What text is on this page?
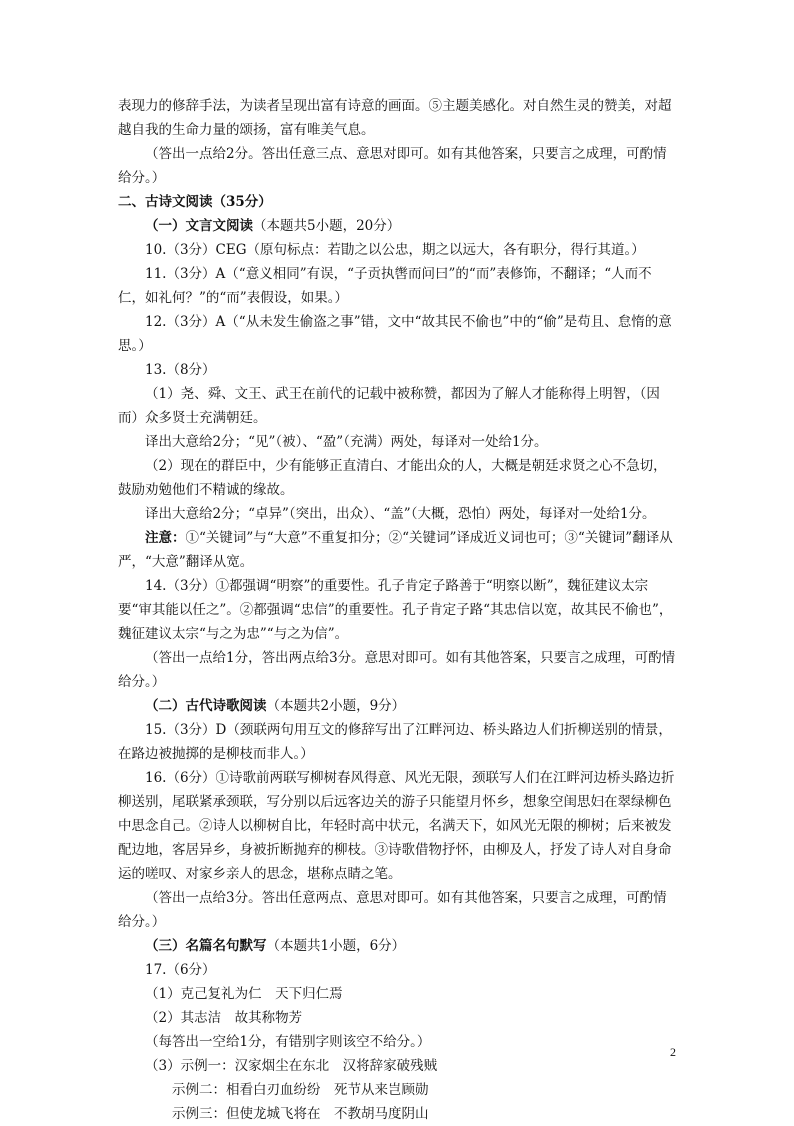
表现力的修辞手法，为读者呈现出富有诗意的画面。⑤主题美感化。对自然生灵的赞美，对超越自我的生命力量的颂扬，富有唯美气息。

（答出一点给2分。答出任意三点、意思对即可。如有其他答案，只要言之成理，可酌情给分。）

二、古诗文阅读（35分）

（一）文言文阅读（本题共5小题，20分）

10.（3分）CEG（原句标点：若勖之以公忠，期之以远大，各有职分，得行其道。）

11.（3分）A（“意义相同”有误，“子贡执辔而问曰”的“而”表修饰，不翻译；“人而不仁，如礼何？”的“而”表假设，如果。）

12.（3分）A（“从未发生偷盗之事”错，文中“故其民不偷也”中的“偷”是苟且、怠惰的意思。）

13.（8分）

（1）尧、舜、文王、武王在前代的记载中被称赞，都因为了解人才能称得上明智，（因而）众多贤士充满朝廷。

译出大意给2分；“见”（被）、“盈”（充满）两处，每译对一处给1分。

（2）现在的群臣中，少有能够正直清白、才能出众的人，大概是朝廷求贤之心不急切，鼓励劝勉他们不精诚的缘故。

译出大意给2分；“卓异”（突出，出众）、“盖”（大概，恐怕）两处，每译对一处给1分。

注意：①“关键词”与“大意”不重复扣分；②“关键词”译成近义词也可；③“关键词”翻译从严，“大意”翻译从宽。

14.（3分）①都强调“明察”的重要性。孔子肯定子路善于“明察以断”，魏征建议太宗要“审其能以任之”。②都强调“忠信”的重要性。孔子肯定子路“其忠信以宽，故其民不偷也”，魏征建议太宗“与之为忠”“与之为信”。

（答出一点给1分，答出两点给3分。意思对即可。如有其他答案，只要言之成理，可酌情给分。）

（二）古代诗歌阅读（本题共2小题，9分）

15.（3分）D（颈联两句用互文的修辞写出了江畔河边、桥头路边人们折柳送别的情景，在路边被抛掷的是柳枝而非人。）

16.（6分）①诗歌前两联写柳树春风得意、风光无限，颈联写人们在江畔河边桥头路边折柳送别，尾联紧承颈联，写分别以后远客边关的游子只能望月怀乡，想象空闺思妇在翠绿柳色中思念自己。②诗人以柳树自比，年轻时高中状元，名满天下，如风光无限的柳树；后来被发配边地，客居异乡，身被折断抛弃的柳枝。③诗歌借物抒怀，由柳及人，抒发了诗人对自身命运的嗟叹、对家乡亲人的思念，堪称点睛之笔。

（答出一点给3分。答出任意两点、意思对即可。如有其他答案，只要言之成理，可酌情给分。）

（三）名篇名句默写（本题共1小题，6分）

17.（6分）

（1）克己复礼为仁　天下归仁焉

（2）其志洁　故其称物芳

（每答出一空给1分，有错别字则该空不给分。）

（3）示例一：汉家烟尘在东北　汉将辞家破残贼

示例二：相看白刃血纷纷　死节从来岂顾勋

示例三：但使龙城飞将在　不教胡马度阴山

2
